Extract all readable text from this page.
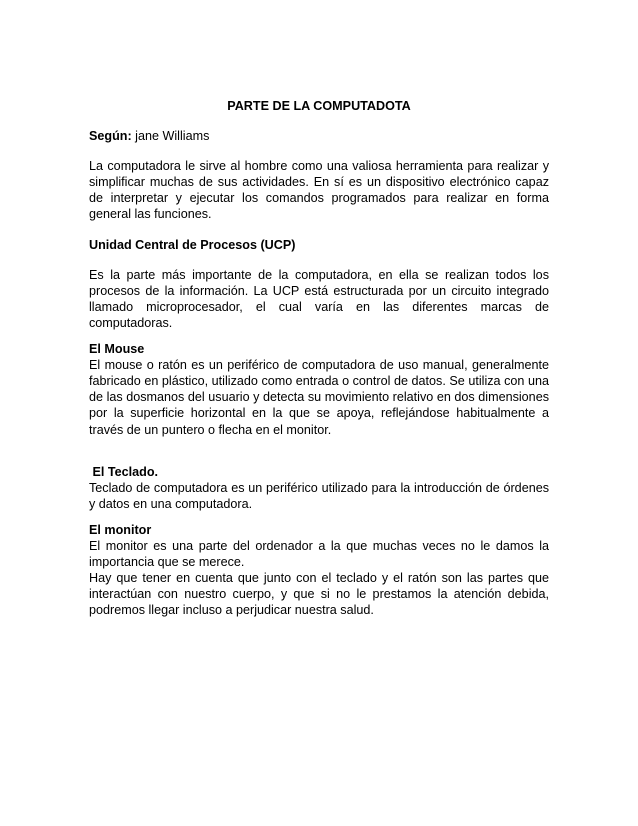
PARTE DE LA COMPUTADOTA
Según: jane Williams

La computadora le sirve al hombre como una valiosa herramienta para realizar y simplificar muchas de sus actividades. En sí es un dispositivo electrónico capaz de interpretar y ejecutar los comandos programados para realizar en forma general las funciones.

Unidad Central de Procesos (UCP)

Es la parte más importante de la computadora, en ella se realizan todos los procesos de la información. La UCP está estructurada por un circuito integrado llamado microprocesador, el cual varía en las diferentes marcas de computadoras.

El Mouse

El mouse o ratón es un periférico de computadora de uso manual, generalmente fabricado en plástico, utilizado como entrada o control de datos. Se utiliza con una de las dosmanos del usuario y detecta su movimiento relativo en dos dimensiones por la superficie horizontal en la que se apoya, reflejándose habitualmente a través de un puntero o flecha en el monitor.

El Teclado.

Teclado de computadora es un periférico utilizado para la introducción de órdenes y datos en una computadora.

El monitor

El monitor es una parte del ordenador a la que muchas veces no le damos la importancia que se merece.

Hay que tener en cuenta que junto con el teclado y el ratón son las partes que interactúan con nuestro cuerpo, y que si no le prestamos la atención debida, podremos llegar incluso a perjudicar nuestra salud.
